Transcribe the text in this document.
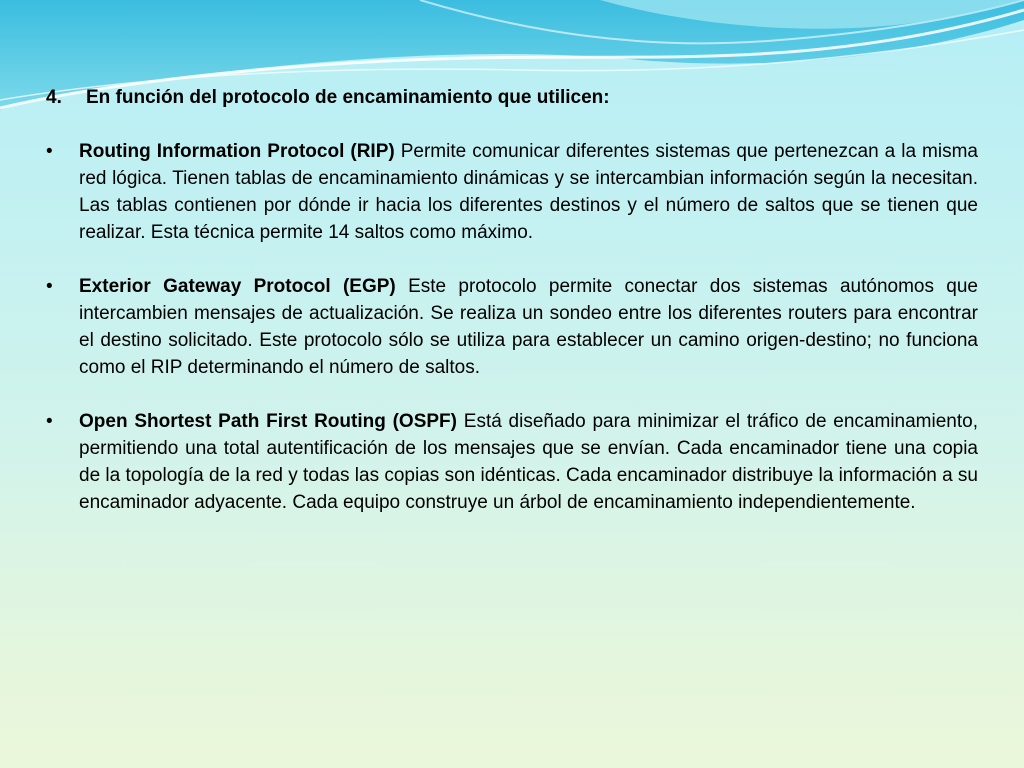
4.	En función del protocolo de encaminamiento que utilicen:

•	Routing Information Protocol (RIP) Permite comunicar diferentes sistemas que pertenezcan a la misma red lógica. Tienen tablas de encaminamiento dinámicas y se intercambian información según la necesitan. Las tablas contienen por dónde ir hacia los diferentes destinos y el número de saltos que se tienen que realizar. Esta técnica permite 14 saltos como máximo.

•	Exterior Gateway Protocol (EGP) Este protocolo permite conectar dos sistemas autónomos que intercambien mensajes de actualización. Se realiza un sondeo entre los diferentes routers para encontrar el destino solicitado. Este protocolo sólo se utiliza para establecer un camino origen-destino; no funciona como el RIP determinando el número de saltos.

•	Open Shortest Path First Routing (OSPF) Está diseñado para minimizar el tráfico de encaminamiento, permitiendo una total autentificación de los mensajes que se envían. Cada encaminador tiene una copia de la topología de la red y todas las copias son idénticas. Cada encaminador distribuye la información a su encaminador adyacente. Cada equipo construye un árbol de encaminamiento independientemente.
